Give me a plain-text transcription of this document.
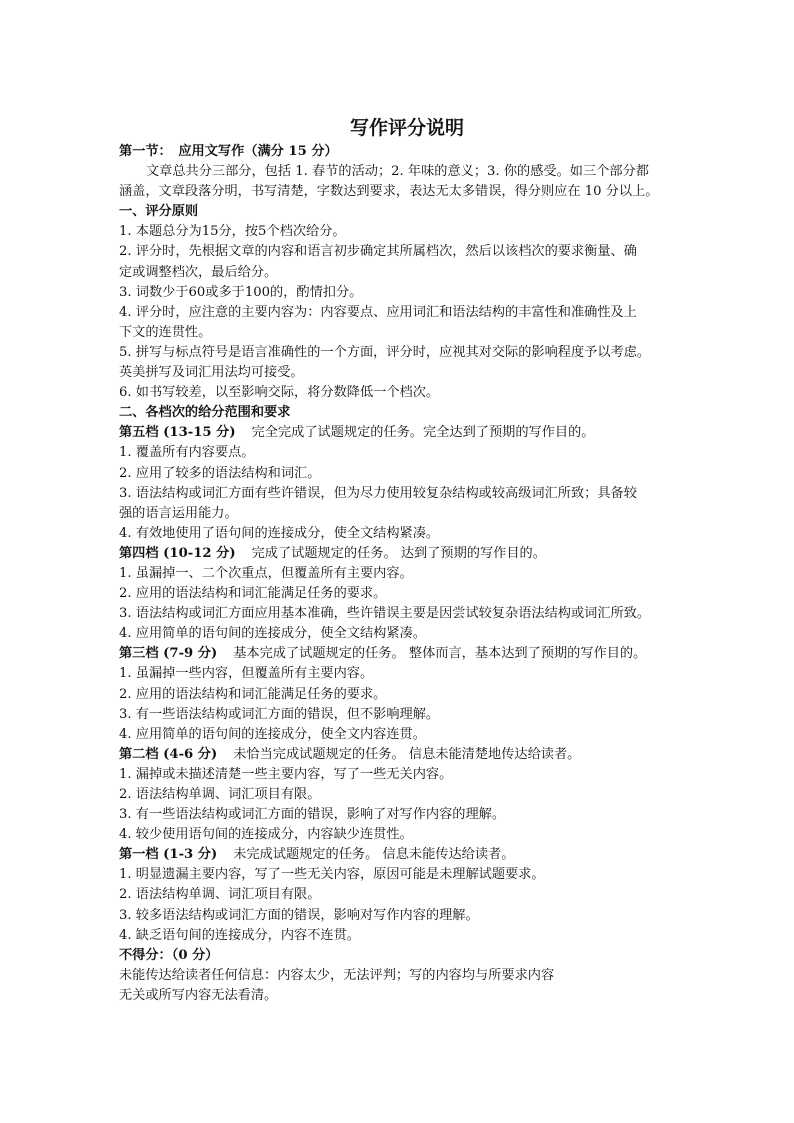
写作评分说明
第一节：　应用文写作（满分 15 分）
文章总共分三部分，包括 1. 春节的活动；2. 年味的意义；3. 你的感受。如三个部分都
涵盖，文章段落分明，书写清楚，字数达到要求，表达无太多错误，得分则应在 10 分以上。
一、评分原则
1. 本题总分为15分，按5个档次给分。
2. 评分时，先根据文章的内容和语言初步确定其所属档次，然后以该档次的要求衡量、确
定或调整档次，最后给分。
3. 词数少于60或多于100的，酌情扣分。
4. 评分时，应注意的主要内容为：内容要点、应用词汇和语法结构的丰富性和准确性及上
下文的连贯性。
5. 拼写与标点符号是语言准确性的一个方面，评分时，应视其对交际的影响程度予以考虑。
英美拼写及词汇用法均可接受。
6. 如书写较差，以至影响交际，将分数降低一个档次。
二、各档次的给分范围和要求
第五档 (13-15 分) 完全完成了试题规定的任务。完全达到了预期的写作目的。
1. 覆盖所有内容要点。
2. 应用了较多的语法结构和词汇。
3. 语法结构或词汇方面有些许错误，但为尽力使用较复杂结构或较高级词汇所致；具备较
强的语言运用能力。
4. 有效地使用了语句间的连接成分，使全文结构紧凑。
第四档 (10-12 分) 完成了试题规定的任务。 达到了预期的写作目的。
1. 虽漏掉一、二个次重点，但覆盖所有主要内容。
2. 应用的语法结构和词汇能满足任务的要求。
3. 语法结构或词汇方面应用基本准确，些许错误主要是因尝试较复杂语法结构或词汇所致。
4. 应用简单的语句间的连接成分，使全文结构紧凑。
第三档 (7-9 分) 基本完成了试题规定的任务。 整体而言，基本达到了预期的写作目的。
1. 虽漏掉一些内容，但覆盖所有主要内容。
2. 应用的语法结构和词汇能满足任务的要求。
3. 有一些语法结构或词汇方面的错误，但不影响理解。
4. 应用简单的语句间的连接成分，使全文内容连贯。
第二档 (4-6 分) 未恰当完成试题规定的任务。 信息未能清楚地传达给读者。
1. 漏掉或未描述清楚一些主要内容，写了一些无关内容。
2. 语法结构单调、词汇项目有限。
3. 有一些语法结构或词汇方面的错误，影响了对写作内容的理解。
4. 较少使用语句间的连接成分，内容缺少连贯性。
第一档 (1-3 分) 未完成试题规定的任务。 信息未能传达给读者。
1. 明显遗漏主要内容，写了一些无关内容，原因可能是未理解试题要求。
2. 语法结构单调、词汇项目有限。
3. 较多语法结构或词汇方面的错误，影响对写作内容的理解。
4. 缺乏语句间的连接成分，内容不连贯。
不得分：（0 分）
未能传达给读者任何信息：内容太少，无法评判；写的内容均与所要求内容
无关或所写内容无法看清。
